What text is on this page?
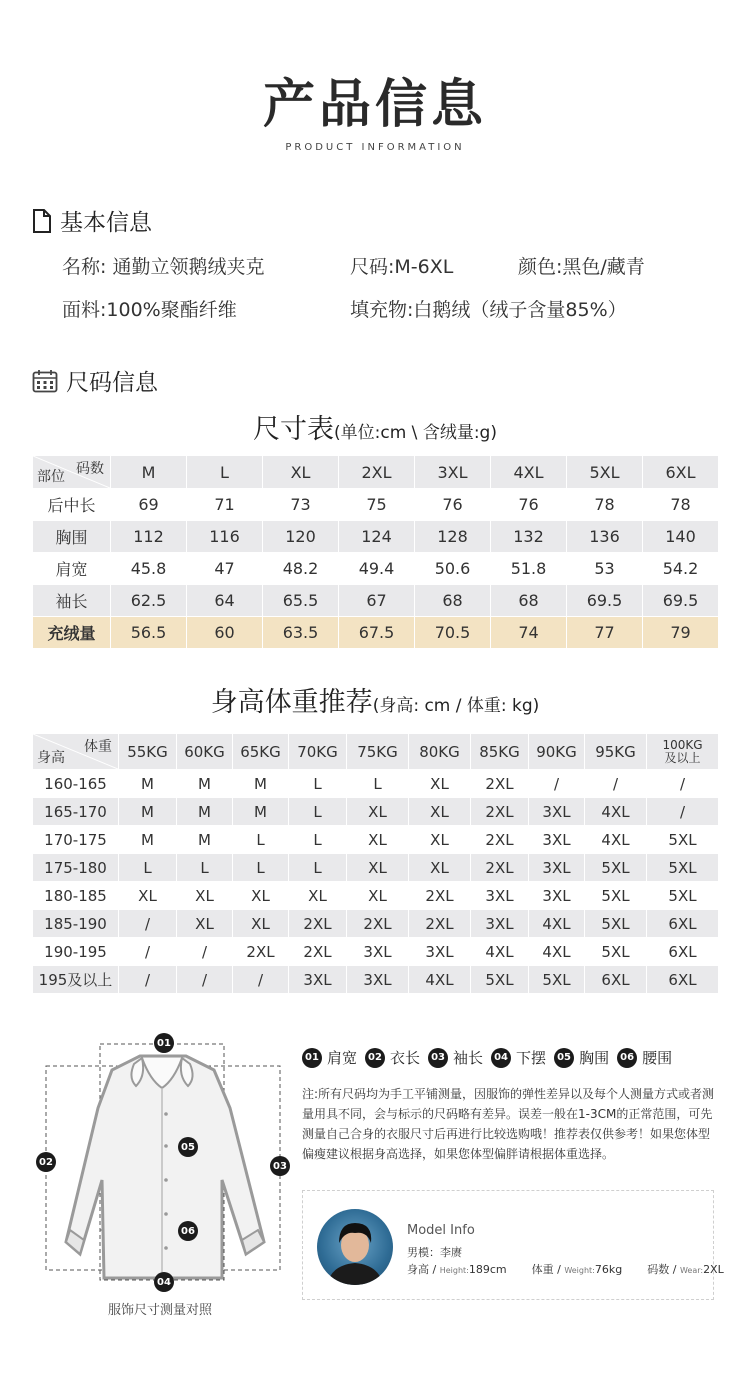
产品信息
PRODUCT INFORMATION
基本信息
名称: 通勤立领鹅绒夹克	尺码:M-6XL	颜色:黑色/藏青
面料:100%聚酯纤维	填充物:白鹅绒（绒子含量85%）
尺码信息
尺寸表(单位:cm \ 含绒量:g)
码数
部位	M	L	XL	2XL	3XL	4XL	5XL	6XL
后中长	69	71	73	75	76	76	78	78
胸围	112	116	120	124	128	132	136	140
肩宽	45.8	47	48.2	49.4	50.6	51.8	53	54.2
袖长	62.5	64	65.5	67	68	68	69.5	69.5
充绒量	56.5	60	63.5	67.5	70.5	74	77	79
身高体重推荐(身高: cm / 体重: kg)
体重
身高	55KG	60KG	65KG	70KG	75KG	80KG	85KG	90KG	95KG	100KG
及以上
160-165	M	M	M	L	L	XL	2XL	/	/	/
165-170	M	M	M	L	XL	XL	2XL	3XL	4XL	/
170-175	M	M	L	L	XL	XL	2XL	3XL	4XL	5XL
175-180	L	L	L	L	XL	XL	2XL	3XL	5XL	5XL
180-185	XL	XL	XL	XL	XL	2XL	3XL	3XL	5XL	5XL
185-190	/	XL	XL	2XL	2XL	2XL	3XL	4XL	5XL	6XL
190-195	/	/	2XL	2XL	3XL	3XL	4XL	4XL	5XL	6XL
195及以上	/	/	/	3XL	3XL	4XL	5XL	5XL	6XL	6XL
01
02	03
04
05
06
服饰尺寸测量对照
01 肩宽	02 衣长	03 袖长	04 下摆	05 胸围	06 腰围
注:所有尺码均为手工平铺测量，因服饰的弹性差异以及每个人测量方式或者测量用具不同，会与标示的尺码略有差异。误差一般在1-3CM的正常范围，可先测量自己合身的衣服尺寸后再进行比较选购哦！推荐表仅供参考！如果您体型偏瘦建议根据身高选择，如果您体型偏胖请根据体重选择。
Model Info
男模：李赓
身高 / Height:189cm 体重 / Weight:76kg 码数 / Wear:2XL
